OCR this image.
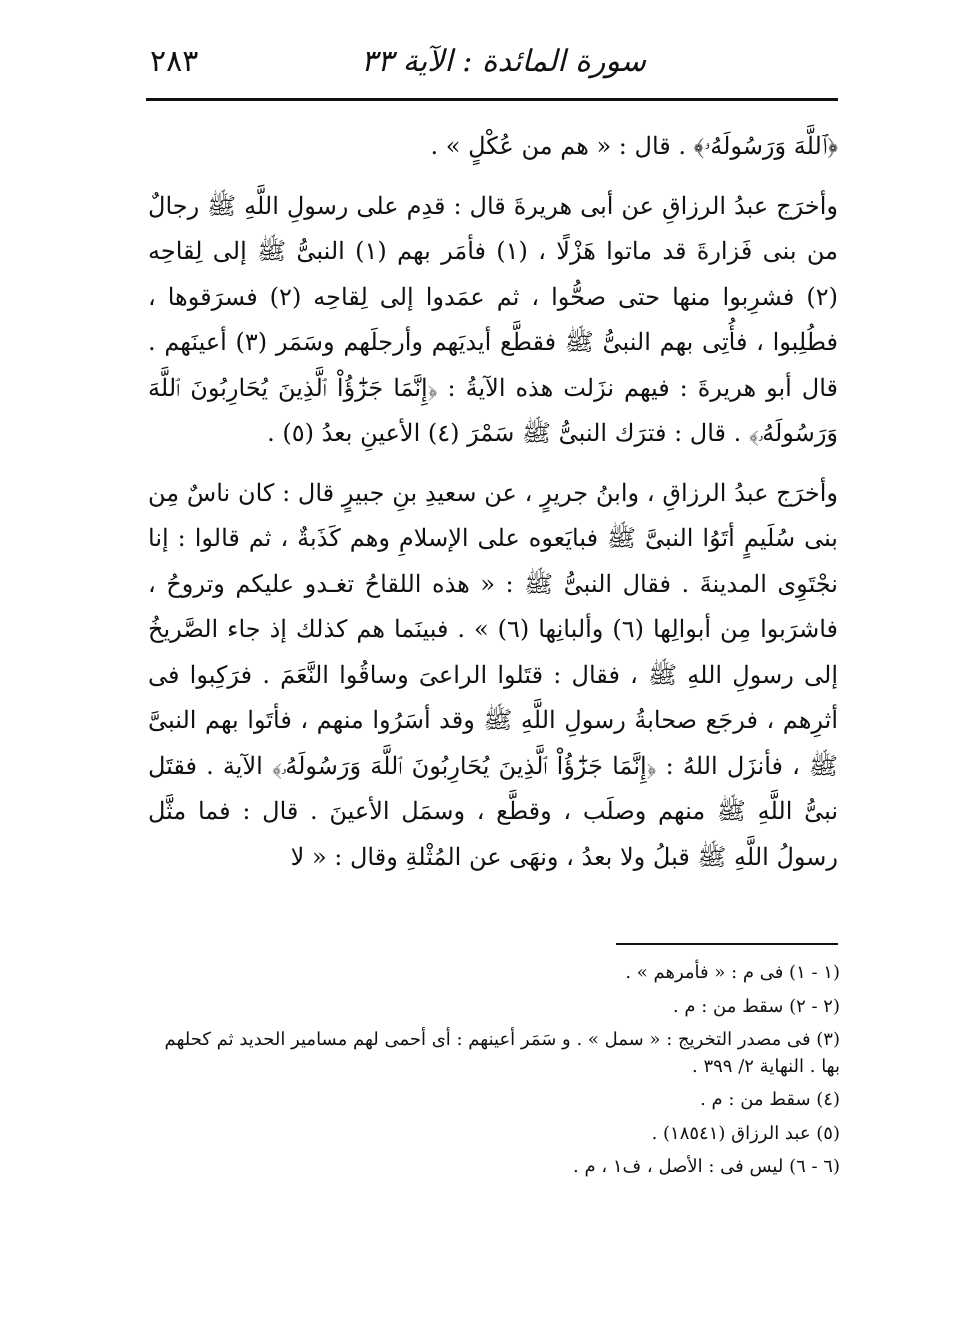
سورة المائدة : الآية ٣٣
٢٨٣

﴿ٱللَّهَ وَرَسُولَهُۥ﴾ . قال : « هم من عُكْلٍ » .

وأخرَج عبدُ الرزاقِ عن أبى هريرةَ قال : قدِم على رسولِ اللَّهِ ﷺ رجالٌ من بنى فَزارةَ قد ماتوا هَزْلًا ، (١) فأمَر بهم (١) النبىُّ ﷺ إلى لِقاحِه (٢) فشرِبوا منها حتى صحُّوا ، ثم عمَدوا إلى لِقاحِه (٢) فسرَقوها ، فطُلِبوا ، فأُتِى بهم النبىُّ ﷺ فقطَّع أيديَهم وأرجلَهم وسَمَر (٣) أعينَهم . قال أبو هريرةَ : فيهم نزَلت هذه الآيةُ : ﴿إِنَّمَا جَزَٰٓؤُاْ ٱلَّذِينَ يُحَارِبُونَ ٱللَّهَ وَرَسُولَهُۥ﴾ . قال : فترَك النبىُّ ﷺ سَمْرَ (٤) الأعينِ بعدُ (٥) .

وأخرَج عبدُ الرزاقِ ، وابنُ جريرٍ ، عن سعيدِ بنِ جبيرٍ قال : كان ناسٌ مِن بنى سُلَيمٍ أتَوُا النبىَّ ﷺ فبايَعوه على الإسلامِ وهم كَذَبةٌ ، ثم قالوا : إنا نجْتَوِى المدينةَ . فقال النبىُّ ﷺ : « هذه اللقاحُ تغـدو عليكم وتروحُ ، فاشرَبوا مِن أبوالِها (٦) وألبانِها (٦) » . فبينَما هم كذلك إذ جاء الصَّريخُ إلى رسولِ اللهِ ﷺ ، فقال : قتَلوا الراعىَ وساقُوا النَّعَمَ . فرَكِبوا فى أثرِهم ، فرجَع صحابةُ رسولِ اللَّهِ ﷺ وقد أسَرُوا منهم ، فأتَوا بهم النبىَّ ﷺ ، فأنزَل اللهُ : ﴿إِنَّمَا جَزَٰٓؤُاْ ٱلَّذِينَ يُحَارِبُونَ ٱللَّهَ وَرَسُولَهُۥ﴾ الآية . فقتَل نبىُّ اللَّهِ ﷺ منهم وصلَب ، وقطَّع ، وسمَل الأعينَ . قال : فما مثَّل رسولُ اللَّهِ ﷺ قبلُ ولا بعدُ ، ونهَى عن المُثْلةِ وقال : « لا

(١ - ١) فى م : « فأمرهم » .

(٢ - ٢) سقط من : م .

(٣) فى مصدر التخريج : « سمل » . و سَمَر أعينهم : أى أحمى لهم مسامير الحديد ثم كحلهم بها . النهاية ٢/ ٣٩٩ .

(٤) سقط من : م .

(٥) عبد الرزاق (١٨٥٤١) .

(٦ - ٦) ليس فى : الأصل ، ف١ ، م .
